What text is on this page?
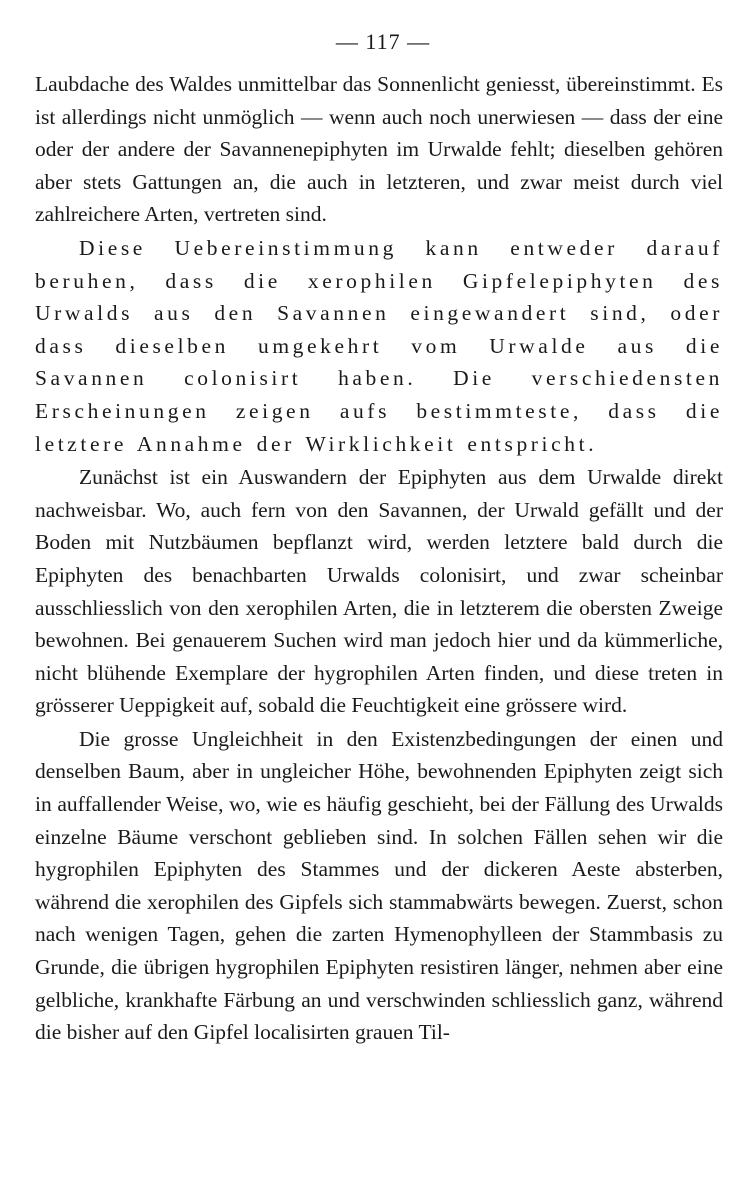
— 117 —

Laubdache des Waldes unmittelbar das Sonnenlicht geniesst, übereinstimmt. Es ist allerdings nicht unmöglich — wenn auch noch unerwiesen — dass der eine oder der andere der Savannenepiphyten im Urwalde fehlt; dieselben gehören aber stets Gattungen an, die auch in letzteren, und zwar meist durch viel zahlreichere Arten, vertreten sind.

Diese Uebereinstimmung kann entweder darauf beruhen, dass die xerophilen Gipfelepiphyten des Urwalds aus den Savannen eingewandert sind, oder dass dieselben umgekehrt vom Urwalde aus die Savannen colonisirt haben. Die verschiedensten Erscheinungen zeigen aufs bestimmteste, dass die letztere Annahme der Wirklichkeit entspricht.

Zunächst ist ein Auswandern der Epiphyten aus dem Urwalde direkt nachweisbar. Wo, auch fern von den Savannen, der Urwald gefällt und der Boden mit Nutzbäumen bepflanzt wird, werden letztere bald durch die Epiphyten des benachbarten Urwalds colonisirt, und zwar scheinbar ausschliesslich von den xerophilen Arten, die in letzterem die obersten Zweige bewohnen. Bei genauerem Suchen wird man jedoch hier und da kümmerliche, nicht blühende Exemplare der hygrophilen Arten finden, und diese treten in grösserer Ueppigkeit auf, sobald die Feuchtigkeit eine grössere wird.

Die grosse Ungleichheit in den Existenzbedingungen der einen und denselben Baum, aber in ungleicher Höhe, bewohnenden Epiphyten zeigt sich in auffallender Weise, wo, wie es häufig geschieht, bei der Fällung des Urwalds einzelne Bäume verschont geblieben sind. In solchen Fällen sehen wir die hygrophilen Epiphyten des Stammes und der dickeren Aeste absterben, während die xerophilen des Gipfels sich stammabwärts bewegen. Zuerst, schon nach wenigen Tagen, gehen die zarten Hymenophylleen der Stammbasis zu Grunde, die übrigen hygrophilen Epiphyten resistiren länger, nehmen aber eine gelbliche, krankhafte Färbung an und verschwinden schliesslich ganz, während die bisher auf den Gipfel localisirten grauen Til-
